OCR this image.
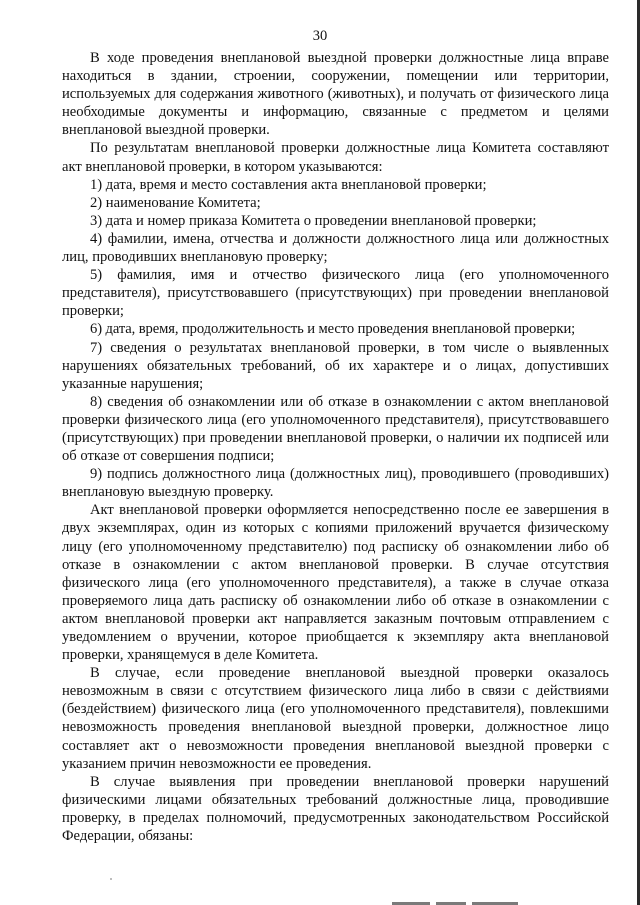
30

В ходе проведения внеплановой выездной проверки должностные лица вправе находиться в здании, строении, сооружении, помещении или территории, используемых для содержания животного (животных), и получать от физического лица необходимые документы и информацию, связанные с предметом и целями внеплановой выездной проверки.

По результатам внеплановой проверки должностные лица Комитета составляют акт внеплановой проверки, в котором указываются:

1) дата, время и место составления акта внеплановой проверки;

2) наименование Комитета;

3) дата и номер приказа Комитета о проведении внеплановой проверки;

4) фамилии, имена, отчества и должности должностного лица или должностных лиц, проводивших внеплановую проверку;

5) фамилия, имя и отчество физического лица (его уполномоченного представителя), присутствовавшего (присутствующих) при проведении внеплановой проверки;

6) дата, время, продолжительность и место проведения внеплановой проверки;

7) сведения о результатах внеплановой проверки, в том числе о выявленных нарушениях обязательных требований, об их характере и о лицах, допустивших указанные нарушения;

8) сведения об ознакомлении или об отказе в ознакомлении с актом внеплановой проверки физического лица (его уполномоченного представителя), присутствовавшего (присутствующих) при проведении внеплановой проверки, о наличии их подписей или об отказе от совершения подписи;

9) подпись должностного лица (должностных лиц), проводившего (проводивших) внеплановую выездную проверку.

Акт внеплановой проверки оформляется непосредственно после ее завершения в двух экземплярах, один из которых с копиями приложений вручается физическому лицу (его уполномоченному представителю) под расписку об ознакомлении либо об отказе в ознакомлении с актом внеплановой проверки. В случае отсутствия физического лица (его уполномоченного представителя), а также в случае отказа проверяемого лица дать расписку об ознакомлении либо об отказе в ознакомлении с актом внеплановой проверки акт направляется заказным почтовым отправлением с уведомлением о вручении, которое приобщается к экземпляру акта внеплановой проверки, хранящемуся в деле Комитета.

В случае, если проведение внеплановой выездной проверки оказалось невозможным в связи с отсутствием физического лица либо в связи с действиями (бездействием) физического лица (его уполномоченного представителя), повлекшими невозможность проведения внеплановой выездной проверки, должностное лицо составляет акт о невозможности проведения внеплановой выездной проверки с указанием причин невозможности ее проведения.

В случае выявления при проведении внеплановой проверки нарушений физическими лицами обязательных требований должностные лица, проводившие проверку, в пределах полномочий, предусмотренных законодательством Российской Федерации, обязаны:
